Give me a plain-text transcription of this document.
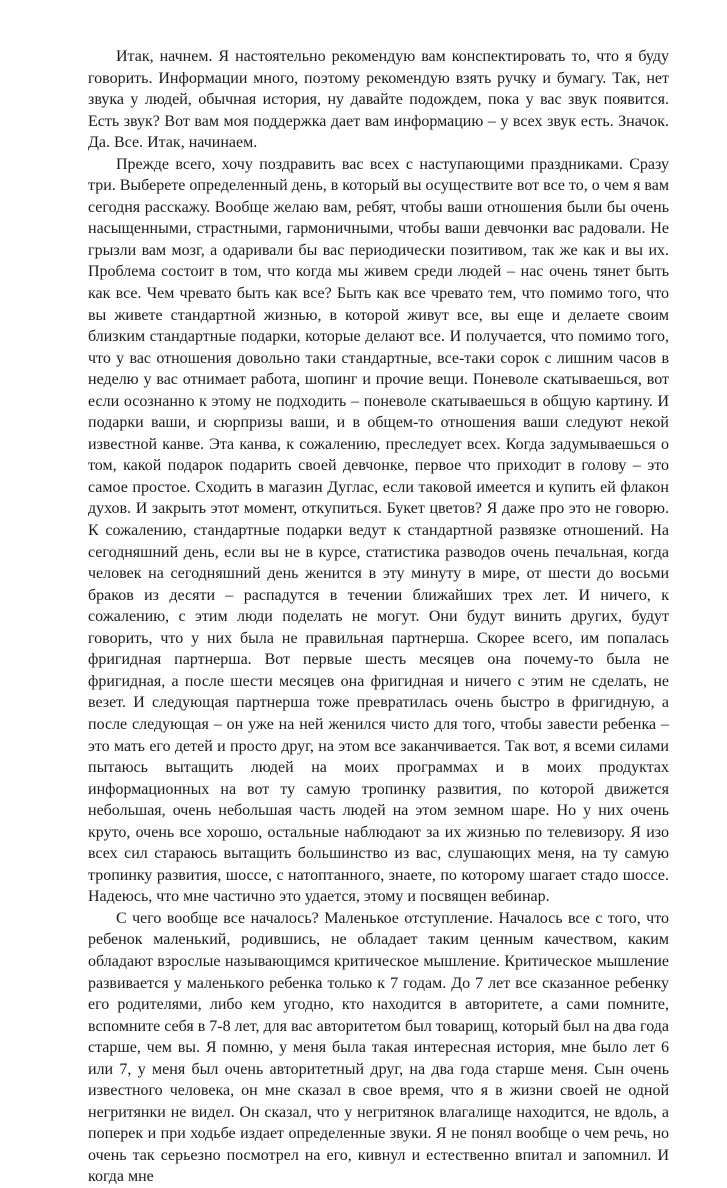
Итак, начнем. Я настоятельно рекомендую вам конспектировать то, что я буду говорить. Информации много, поэтому рекомендую взять ручку и бумагу. Так, нет звука у людей, обычная история, ну давайте подождем, пока у вас звук появится. Есть звук? Вот вам моя поддержка дает вам информацию – у всех звук есть. Значок. Да. Все. Итак, начинаем.

Прежде всего, хочу поздравить вас всех с наступающими праздниками. Сразу три. Выберете определенный день, в который вы осуществите вот все то, о чем я вам сегодня расскажу. Вообще желаю вам, ребят, чтобы ваши отношения были бы очень насыщенными, страстными, гармоничными, чтобы ваши девчонки вас радовали. Не грызли вам мозг, а одаривали бы вас периодически позитивом, так же как и вы их. Проблема состоит в том, что когда мы живем среди людей – нас очень тянет быть как все. Чем чревато быть как все? Быть как все чревато тем, что помимо того, что вы живете стандартной жизнью, в которой живут все, вы еще и делаете своим близким стандартные подарки, которые делают все. И получается, что помимо того, что у вас отношения довольно таки стандартные, все-таки сорок с лишним часов в неделю у вас отнимает работа, шопинг и прочие вещи. Поневоле скатываешься, вот если осознанно к этому не подходить – поневоле скатываешься в общую картину. И подарки ваши, и сюрпризы ваши, и в общем-то отношения ваши следуют некой известной канве. Эта канва, к сожалению, преследует всех. Когда задумываешься о том, какой подарок подарить своей девчонке, первое что приходит в голову – это самое простое. Сходить в магазин Дуглас, если таковой имеется и купить ей флакон духов. И закрыть этот момент, откупиться. Букет цветов? Я даже про это не говорю. К сожалению, стандартные подарки ведут к стандартной развязке отношений. На сегодняшний день, если вы не в курсе, статистика разводов очень печальная, когда человек на сегодняшний день женится в эту минуту в мире, от шести до восьми браков из десяти – распадутся в течении ближайших трех лет. И ничего, к сожалению, с этим люди поделать не могут. Они будут винить других, будут говорить, что у них была не правильная партнерша. Скорее всего, им попалась фригидная партнерша. Вот первые шесть месяцев она почему-то была не фригидная, а после шести месяцев она фригидная и ничего с этим не сделать, не везет. И следующая партнерша тоже превратилась очень быстро в фригидную, а после следующая – он уже на ней женился чисто для того, чтобы завести ребенка – это мать его детей и просто друг, на этом все заканчивается. Так вот, я всеми силами пытаюсь вытащить людей на моих программах и в моих продуктах информационных на вот ту самую тропинку развития, по которой движется небольшая, очень небольшая часть людей на этом земном шаре. Но у них очень круто, очень все хорошо, остальные наблюдают за их жизнью по телевизору. Я изо всех сил стараюсь вытащить большинство из вас, слушающих меня, на ту самую тропинку развития, шоссе, с натоптанного, знаете, по которому шагает стадо шоссе. Надеюсь, что мне частично это удается, этому и посвящен вебинар.

С чего вообще все началось? Маленькое отступление. Началось все с того, что ребенок маленький, родившись, не обладает таким ценным качеством, каким обладают взрослые называющимся критическое мышление. Критическое мышление развивается у маленького ребенка только к 7 годам. До 7 лет все сказанное ребенку его родителями, либо кем угодно, кто находится в авторитете, а сами помните, вспомните себя в 7-8 лет, для вас авторитетом был товарищ, который был на два года старше, чем вы. Я помню, у меня была такая интересная история, мне было лет 6 или 7, у меня был очень авторитетный друг, на два года старше меня. Сын очень известного человека, он мне сказал в свое время, что я в жизни своей не одной негритянки не видел. Он сказал, что у негритянок влагалище находится, не вдоль, а поперек и при ходьбе издает определенные звуки. Я не понял вообще о чем речь, но очень так серьезно посмотрел на его, кивнул и естественно впитал и запомнил. И когда мне
